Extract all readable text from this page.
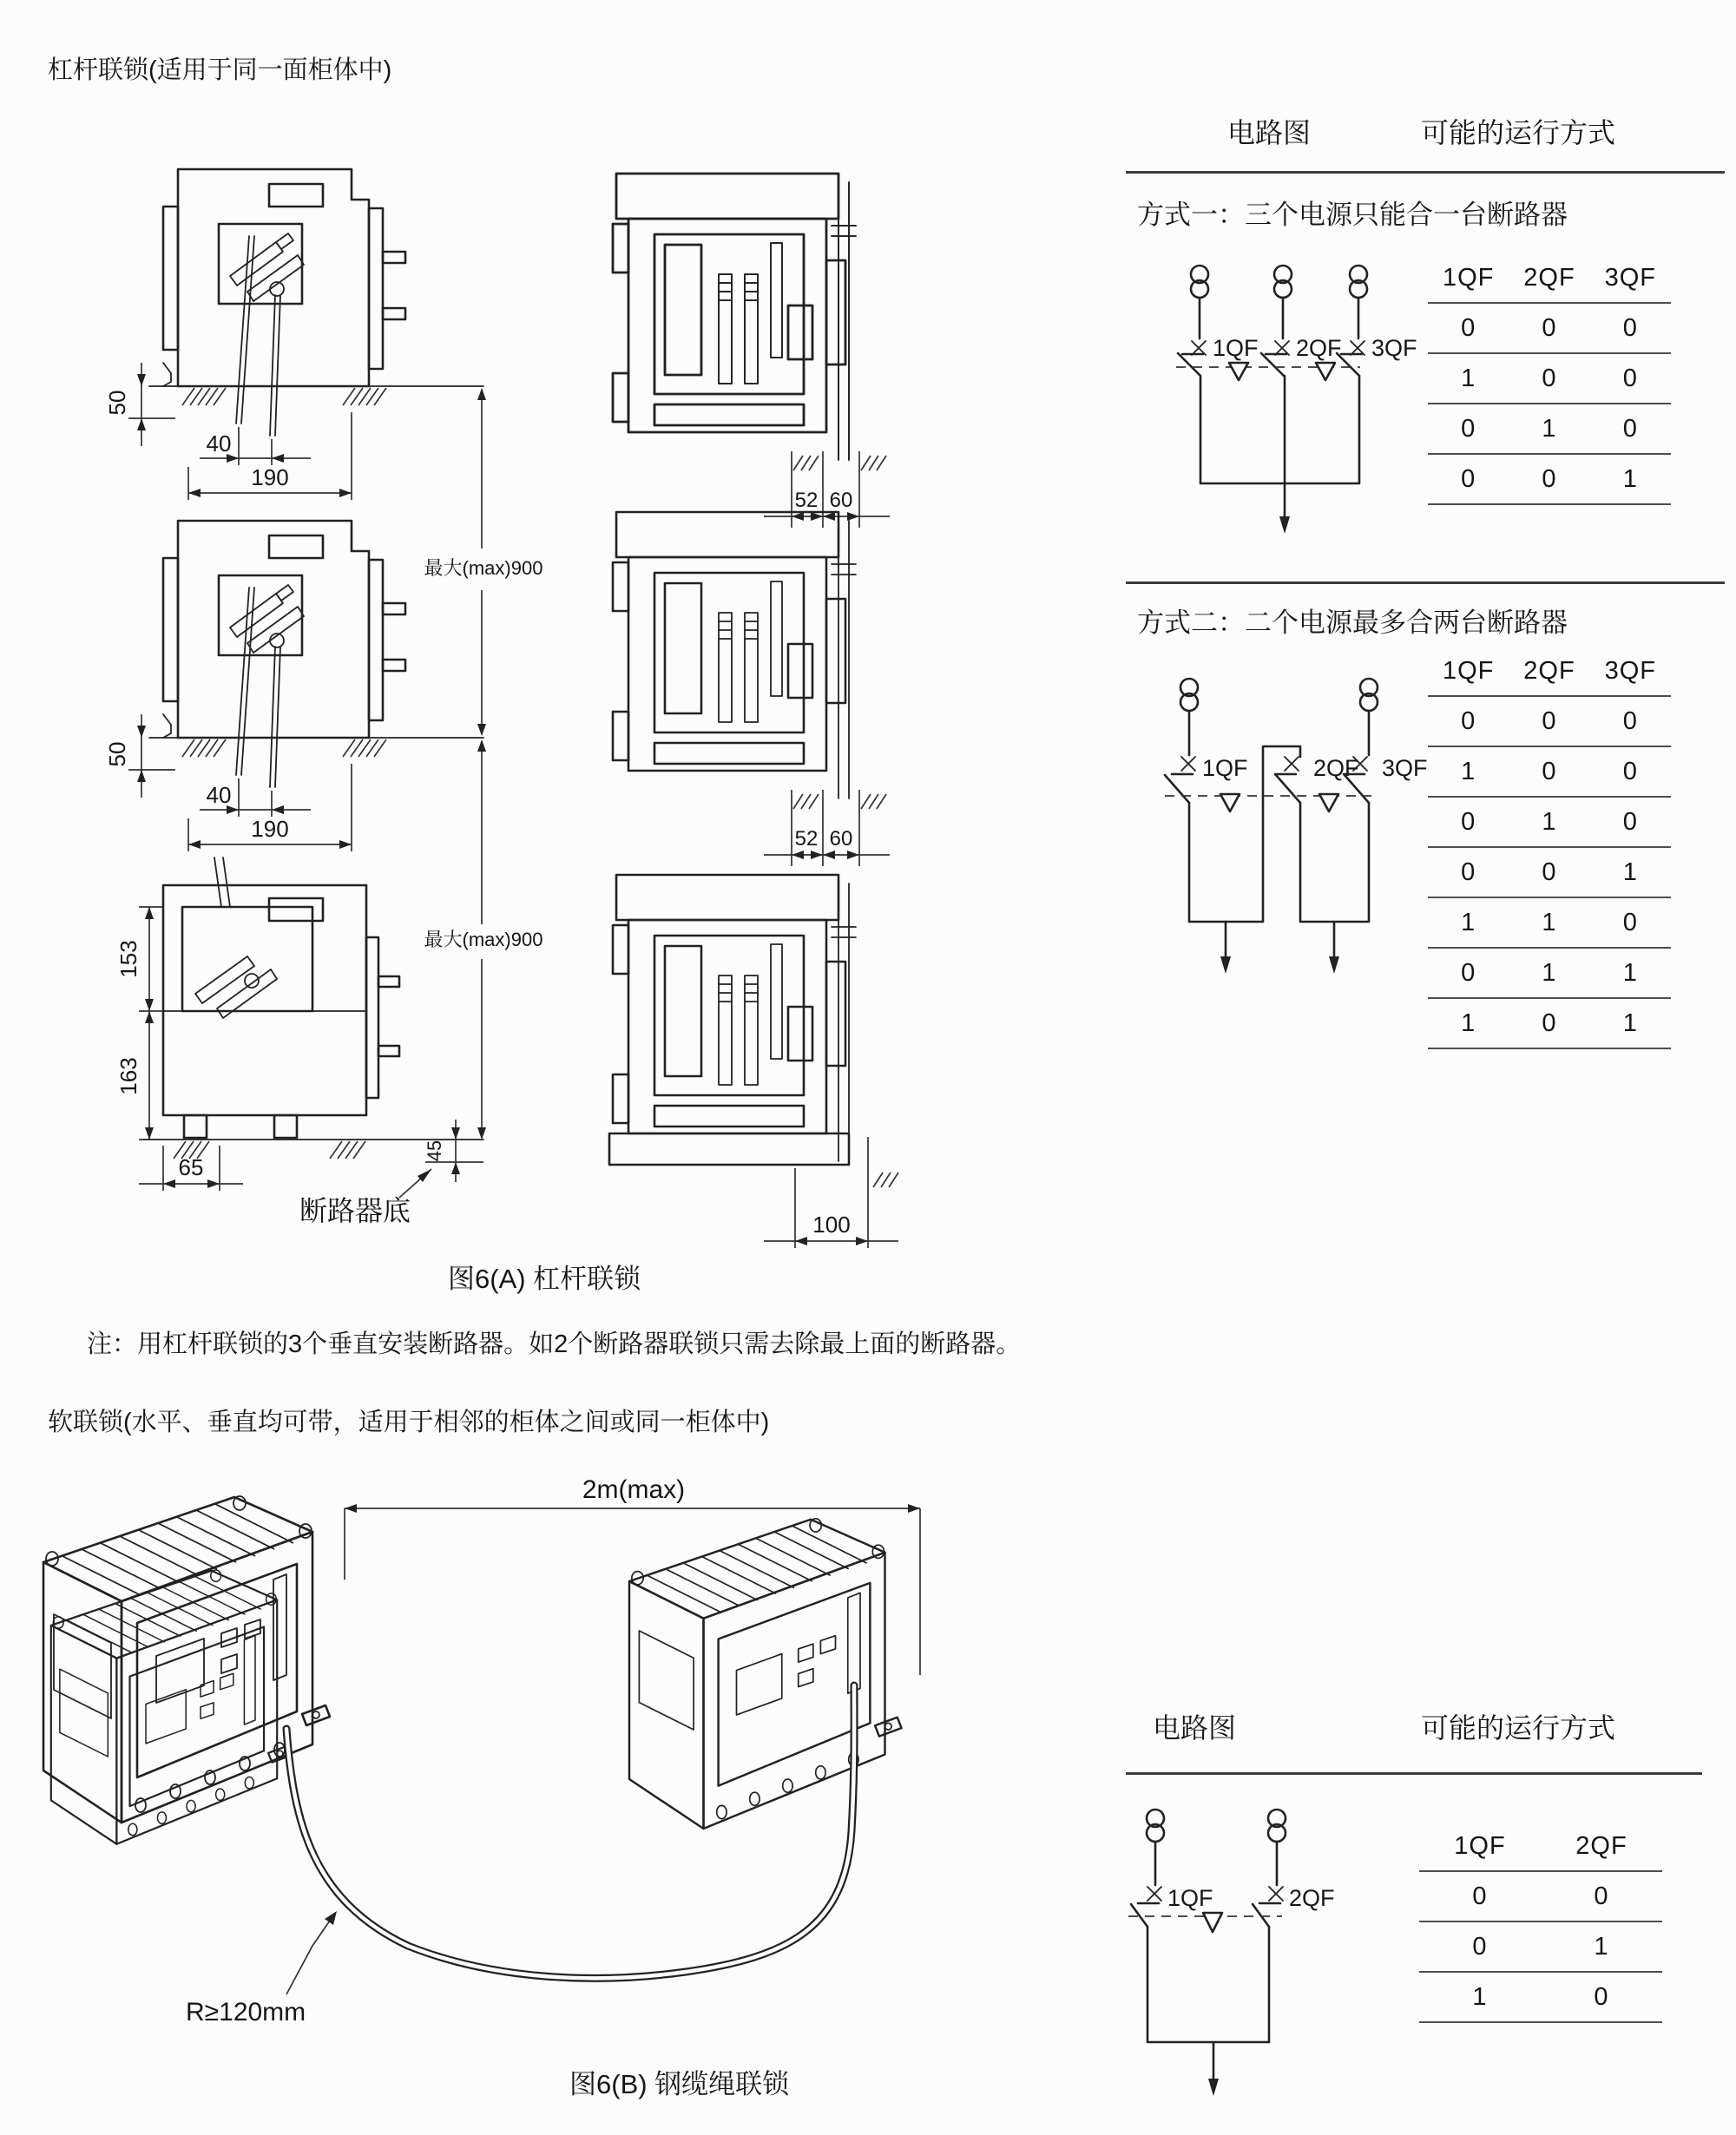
杠杆联锁(适用于同一面柜体中)
电路图	可能的运行方式
方式一：三个电源只能合一台断路器
方式二：二个电源最多合两台断路器
图6(A) 杠杆联锁
注：用杠杆联锁的3个垂直安装断路器。如2个断路器联锁只需去除最上面的断路器。
软联锁(水平、垂直均可带，适用于相邻的柜体之间或同一柜体中)
电路图	可能的运行方式
图6(B) 钢缆绳联锁
50
40
190
52 60
153
163
65
45
断路器底	100
最大(max)900
最大(max)900
1QF 2QF 3QF
1QF	2QF 3QF
1QF	2QF
1QF	2QF	3QF
0	0	0
1	0	0
0	1	0
0	0	1
1QF	2QF	3QF
0	0	0
1	0	0
0	1	0
0	0	1
1	1	0
0	1	1
1	0	1
1QF	2QF
0	0
0	1
1	0
2m(max)
R≥120mm
